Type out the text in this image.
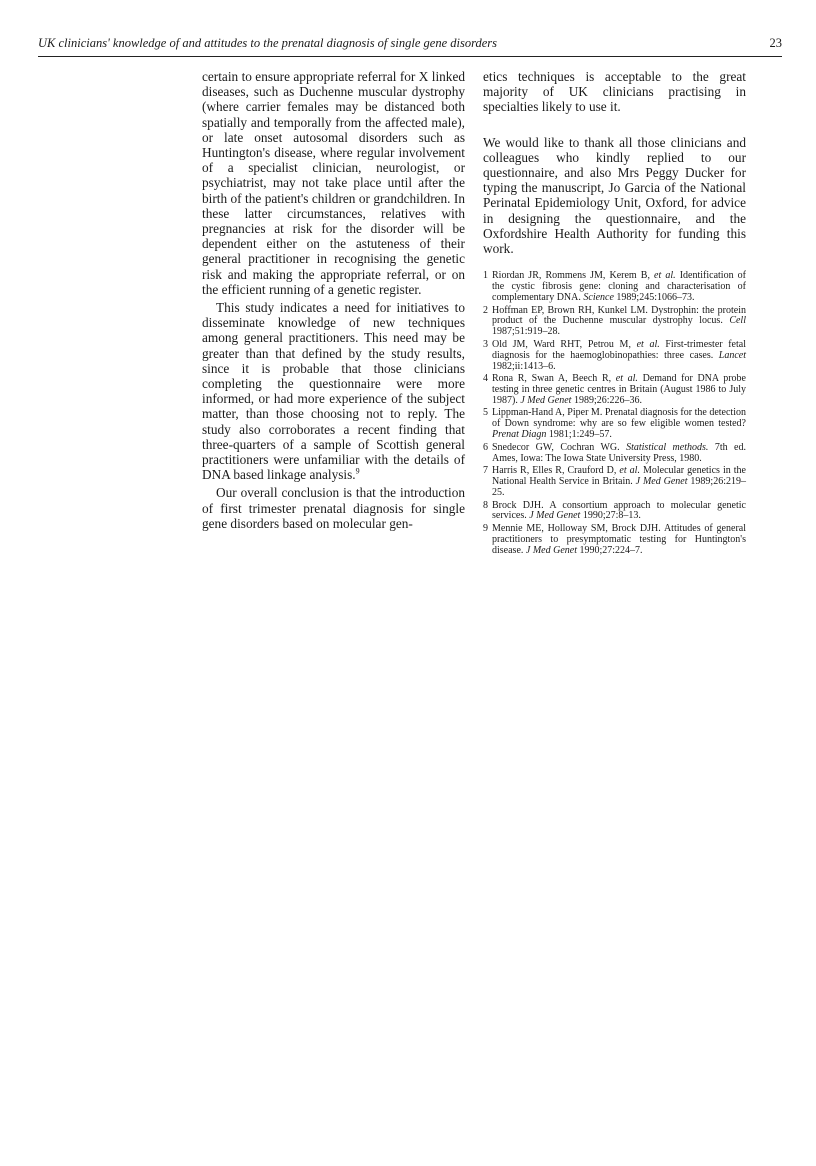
UK clinicians' knowledge of and attitudes to the prenatal diagnosis of single gene disorders	23

certain to ensure appropriate referral for X linked diseases, such as Duchenne muscular dystrophy (where carrier females may be distanced both spatially and temporally from the affected male), or late onset autosomal disorders such as Huntington's disease, where regular involvement of a specialist clinician, neurologist, or psychiatrist, may not take place until after the birth of the patient's children or grandchildren. In these latter circumstances, relatives with pregnancies at risk for the disorder will be dependent either on the astuteness of their general practitioner in recognising the genetic risk and making the appropriate referral, or on the efficient running of a genetic register.

This study indicates a need for initiatives to disseminate knowledge of new techniques among general practitioners. This need may be greater than that defined by the study results, since it is probable that those clinicians completing the questionnaire were more informed, or had more experience of the subject matter, than those choosing not to reply. The study also corroborates a recent finding that three-quarters of a sample of Scottish general practitioners were unfamiliar with the details of DNA based linkage analysis.$^9$

Our overall conclusion is that the introduction of first trimester prenatal diagnosis for single gene disorders based on molecular gen-

etics techniques is acceptable to the great majority of UK clinicians practising in specialties likely to use it.

We would like to thank all those clinicians and colleagues who kindly replied to our questionnaire, and also Mrs Peggy Ducker for typing the manuscript, Jo Garcia of the National Perinatal Epidemiology Unit, Oxford, for advice in designing the questionnaire, and the Oxfordshire Health Authority for funding this work.

1 Riordan JR, Rommens JM, Kerem B, et al. Identification of the cystic fibrosis gene: cloning and characterisation of complementary DNA. Science 1989;245:1066–73.
2 Hoffman EP, Brown RH, Kunkel LM. Dystrophin: the protein product of the Duchenne muscular dystrophy locus. Cell 1987;51:919–28.
3 Old JM, Ward RHT, Petrou M, et al. First-trimester fetal diagnosis for the haemoglobinopathies: three cases. Lancet 1982;ii:1413–6.
4 Rona R, Swan A, Beech R, et al. Demand for DNA probe testing in three genetic centres in Britain (August 1986 to July 1987). J Med Genet 1989;26:226–36.
5 Lippman-Hand A, Piper M. Prenatal diagnosis for the detection of Down syndrome: why are so few eligible women tested? Prenat Diagn 1981;1:249–57.
6 Snedecor GW, Cochran WG. Statistical methods. 7th ed. Ames, Iowa: The Iowa State University Press, 1980.
7 Harris R, Elles R, Crauford D, et al. Molecular genetics in the National Health Service in Britain. J Med Genet 1989;26:219–25.
8 Brock DJH. A consortium approach to molecular genetic services. J Med Genet 1990;27:8–13.
9 Mennie ME, Holloway SM, Brock DJH. Attitudes of general practitioners to presymptomatic testing for Huntington's disease. J Med Genet 1990;27:224–7.
